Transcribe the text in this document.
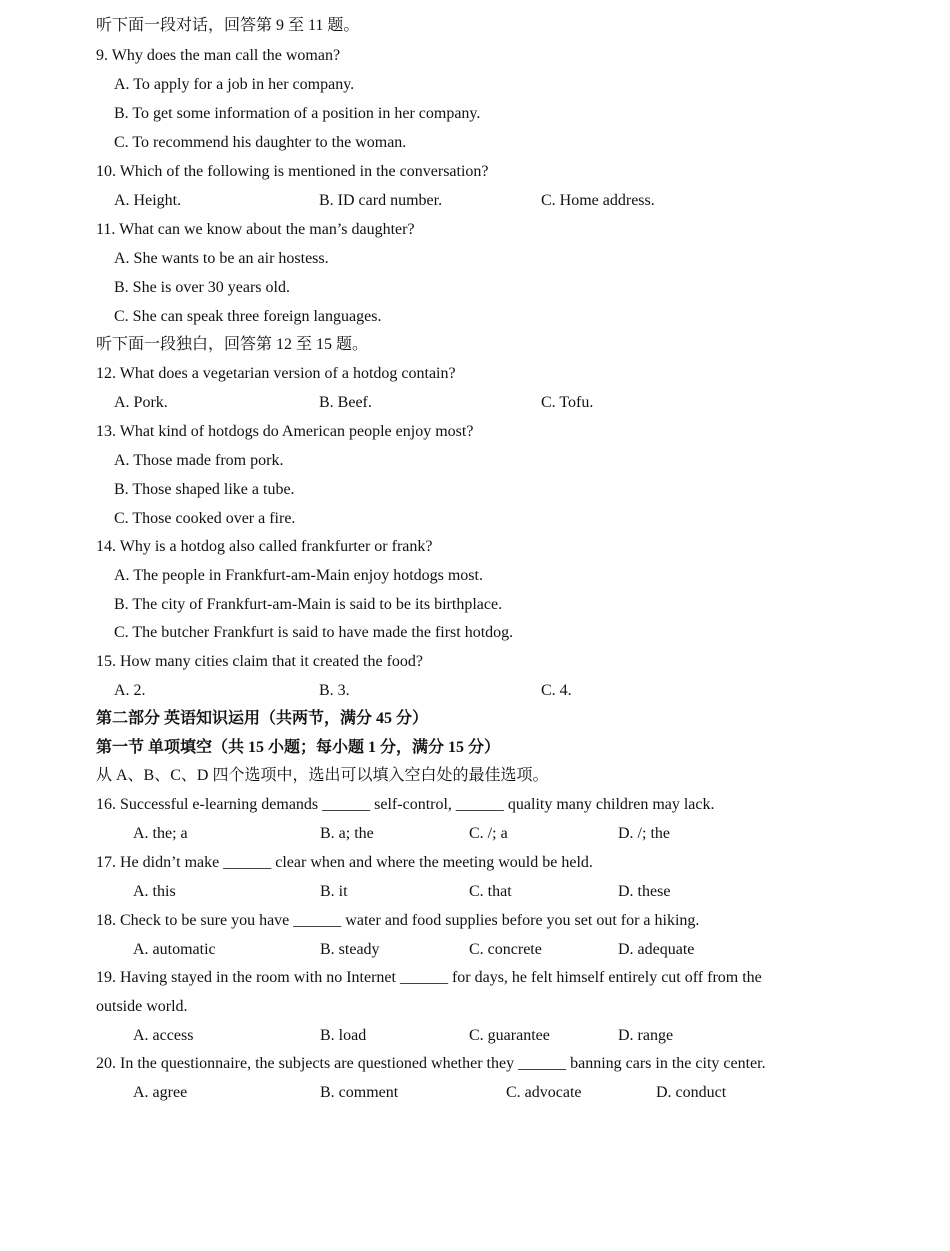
听下面一段对话，回答第 9 至 11 题。
9. Why does the man call the woman?
A. To apply for a job in her company.
B. To get some information of a position in her company.
C. To recommend his daughter to the woman.
10. Which of the following is mentioned in the conversation?
A. Height.	B. ID card number.	C. Home address.
11. What can we know about the man’s daughter?
A. She wants to be an air hostess.
B. She is over 30 years old.
C. She can speak three foreign languages.
听下面一段独白，回答第 12 至 15 题。
12. What does a vegetarian version of a hotdog contain?
A. Pork.	B. Beef.	C. Tofu.
13. What kind of hotdogs do American people enjoy most?
A. Those made from pork.
B. Those shaped like a tube.
C. Those cooked over a fire.
14. Why is a hotdog also called frankfurter or frank?
A. The people in Frankfurt-am-Main enjoy hotdogs most.
B. The city of Frankfurt-am-Main is said to be its birthplace.
C. The butcher Frankfurt is said to have made the first hotdog.
15. How many cities claim that it created the food?
A. 2.	B. 3.	C. 4.
第二部分 英语知识运用（共两节，满分 45 分）
第一节 单项填空（共 15 小题；每小题 1 分，满分 15 分）
从 A、B、C、D 四个选项中，选出可以填入空白处的最佳选项。
16. Successful e-learning demands ______ self-control, ______ quality many children may lack.
A. the; a	B. a; the	C. /; a	D. /; the
17. He didn’t make ______ clear when and where the meeting would be held.
A. this	B. it	C. that	D. these
18. Check to be sure you have ______ water and food supplies before you set out for a hiking.
A. automatic	B. steady	C. concrete	D. adequate
19. Having stayed in the room with no Internet ______ for days, he felt himself entirely cut off from the
outside world.
A. access	B. load	C. guarantee	D. range
20. In the questionnaire, the subjects are questioned whether they ______ banning cars in the city center.
A. agree	B. comment	C. advocate	D. conduct
